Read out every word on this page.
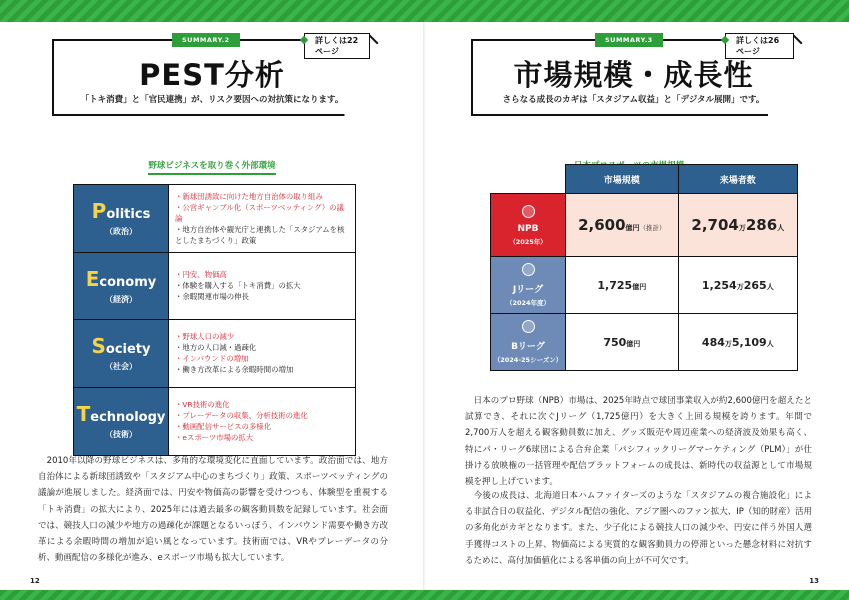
SUMMARY.2	詳しくは22ページ
PEST分析
「トキ消費」と「官民連携」が、リスク要因への対抗策になります。
野球ビジネスを取り巻く外部環境
Politics
（政治）
・新球団誘致に向けた地方自治体の取り組み
・公営ギャンブル化（スポーツベッティング）の議論
・地方自治体や観光庁と連携した「スタジアムを核としたまちづくり」政策
Economy
（経済）
・円安、物価高
・体験を購入する「トキ消費」の拡大
・余暇関連市場の伸長
Society
（社会）
・野球人口の減少
・地方の人口減・過疎化
・インバウンドの増加
・働き方改革による余暇時間の増加
Technology
（技術）
・VR技術の進化
・プレーデータの収集、分析技術の進化
・動画配信サービスの多様化
・eスポーツ市場の拡大

　2010年以降の野球ビジネスは、多角的な環境変化に直面しています。政治面では、地方自治体による新球団誘致や「スタジアム中心のまちづくり」政策、スポーツベッティングの議論が進展しました。経済面では、円安や物価高の影響を受けつつも、体験型を重視する「トキ消費」の拡大により、2025年には過去最多の観客動員数を記録しています。社会面では、競技人口の減少や地方の過疎化が課題となるいっぽう、インバウンド需要や働き方改革による余暇時間の増加が追い風となっています。技術面では、VRやプレーデータの分析、動画配信の多様化が進み、eスポーツ市場も拡大しています。

12
SUMMARY.3	詳しくは26ページ
市場規模・成長性
さらなる成長のカギは「スタジアム収益」と「デジタル展開」です。
	市場規模	来場者数

NPB
（2025年）	2,600億円（推計）	2,704万286人

Jリーグ
（2024年度）	1,725億円	1,254万265人

Bリーグ
（2024-25シーズン）	750億円	484万5,109人

　日本のプロ野球（NPB）市場は、2025年時点で球団事業収入が約2,600億円を超えたと試算でき、それに次ぐJリーグ（1,725億円）を大きく上回る規模を誇ります。年間で2,700万人を超える観客動員数に加え、グッズ販売や周辺産業への経済波及効果も高く、特にパ・リーグ6球団による合弁企業「パシフィックリーグマーケティング（PLM）」が仕掛ける放映権の一括管理や配信プラットフォームの成長は、新時代の収益源として市場規模を押し上げています。

　今後の成長は、北海道日本ハムファイターズのような「スタジアムの複合施設化」による非試合日の収益化、デジタル配信の強化、アジア圏へのファン拡大、IP（知的財産）活用の多角化がカギとなります。また、少子化による競技人口の減少や、円安に伴う外国人選手獲得コストの上昇、物価高による実質的な観客動員力の停滞といった懸念材料に対抗するために、高付加価値化による客単価の向上が不可欠です。

13
